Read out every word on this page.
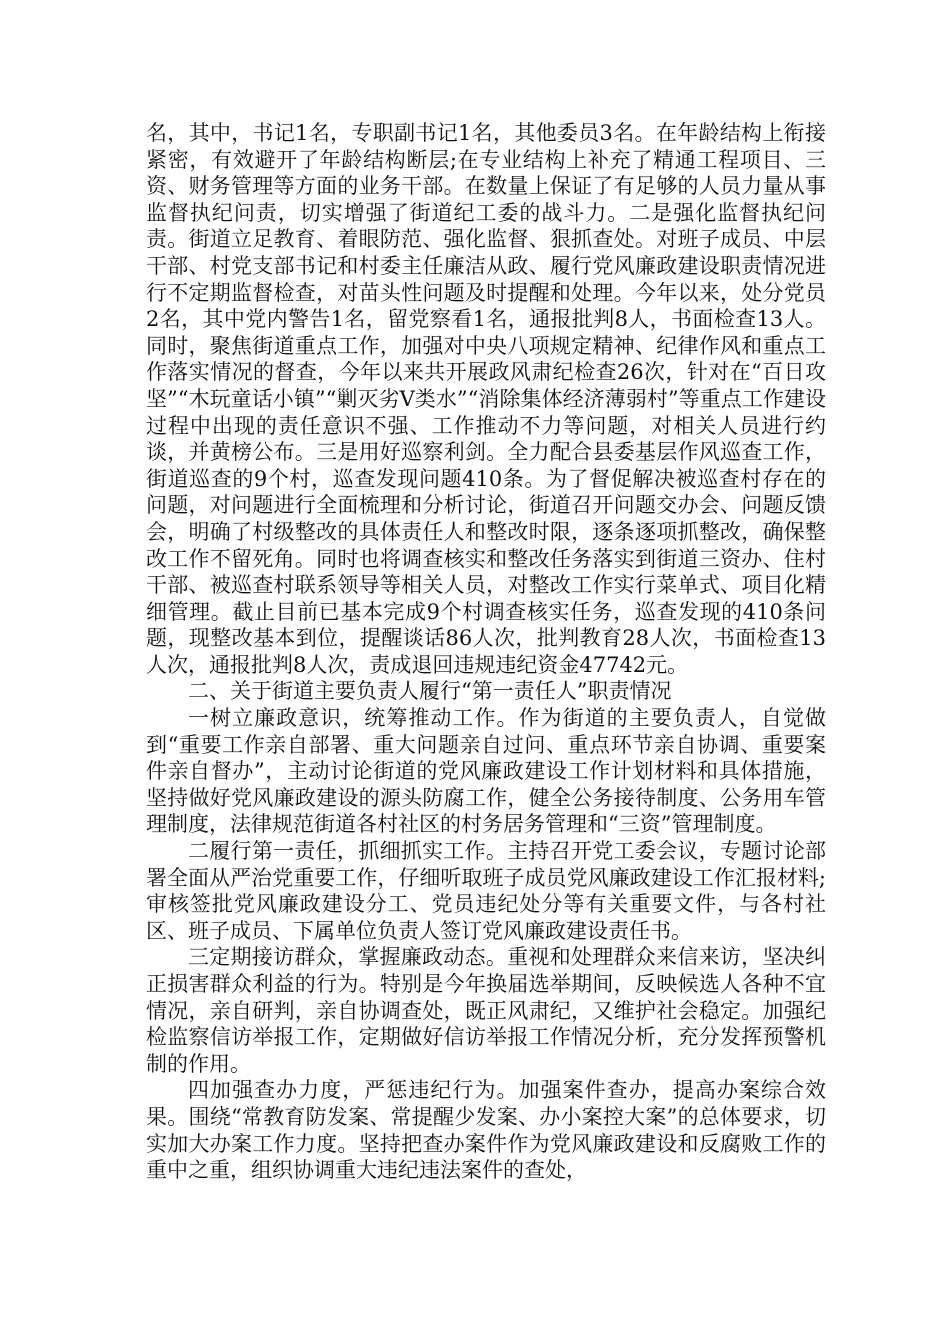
名，其中，书记1名，专职副书记1名，其他委员3名。在年龄结构上衔接紧密，有效避开了年龄结构断层;在专业结构上补充了精通工程项目、三资、财务管理等方面的业务干部。在数量上保证了有足够的人员力量从事监督执纪问责，切实增强了街道纪工委的战斗力。二是强化监督执纪问责。街道立足教育、着眼防范、强化监督、狠抓查处。对班子成员、中层干部、村党支部书记和村委主任廉洁从政、履行党风廉政建设职责情况进行不定期监督检查，对苗头性问题及时提醒和处理。今年以来，处分党员2名，其中党内警告1名，留党察看1名，通报批判8人，书面检查13人。同时，聚焦街道重点工作，加强对中央八项规定精神、纪律作风和重点工作落实情况的督查，今年以来共开展政风肃纪检查26次，针对在“百日攻坚”“木玩童话小镇”“剿灭劣V类水”“消除集体经济薄弱村”等重点工作建设过程中出现的责任意识不强、工作推动不力等问题，对相关人员进行约谈，并黄榜公布。三是用好巡察利剑。全力配合县委基层作风巡查工作，街道巡查的9个村，巡查发现问题410条。为了督促解决被巡查村存在的问题，对问题进行全面梳理和分析讨论，街道召开问题交办会、问题反馈会，明确了村级整改的具体责任人和整改时限，逐条逐项抓整改，确保整改工作不留死角。同时也将调查核实和整改任务落实到街道三资办、住村干部、被巡查村联系领导等相关人员，对整改工作实行菜单式、项目化精细管理。截止目前已基本完成9个村调查核实任务，巡查发现的410条问题，现整改基本到位，提醒谈话86人次，批判教育28人次，书面检查13人次，通报批判8人次，责成退回违规违纪资金47742元。

二、关于街道主要负责人履行“第一责任人”职责情况

一树立廉政意识，统筹推动工作。作为街道的主要负责人，自觉做到“重要工作亲自部署、重大问题亲自过问、重点环节亲自协调、重要案件亲自督办”，主动讨论街道的党风廉政建设工作计划材料和具体措施，坚持做好党风廉政建设的源头防腐工作，健全公务接待制度、公务用车管理制度，法律规范街道各村社区的村务居务管理和“三资”管理制度。

二履行第一责任，抓细抓实工作。主持召开党工委会议，专题讨论部署全面从严治党重要工作，仔细听取班子成员党风廉政建设工作汇报材料;审核签批党风廉政建设分工、党员违纪处分等有关重要文件，与各村社区、班子成员、下属单位负责人签订党风廉政建设责任书。

三定期接访群众，掌握廉政动态。重视和处理群众来信来访，坚决纠正损害群众利益的行为。特别是今年换届选举期间，反映候选人各种不宜情况，亲自研判，亲自协调查处，既正风肃纪，又维护社会稳定。加强纪检监察信访举报工作，定期做好信访举报工作情况分析，充分发挥预警机制的作用。

四加强查办力度，严惩违纪行为。加强案件查办，提高办案综合效果。围绕“常教育防发案、常提醒少发案、办小案控大案”的总体要求，切实加大办案工作力度。坚持把查办案件作为党风廉政建设和反腐败工作的重中之重，组织协调重大违纪违法案件的查处，
